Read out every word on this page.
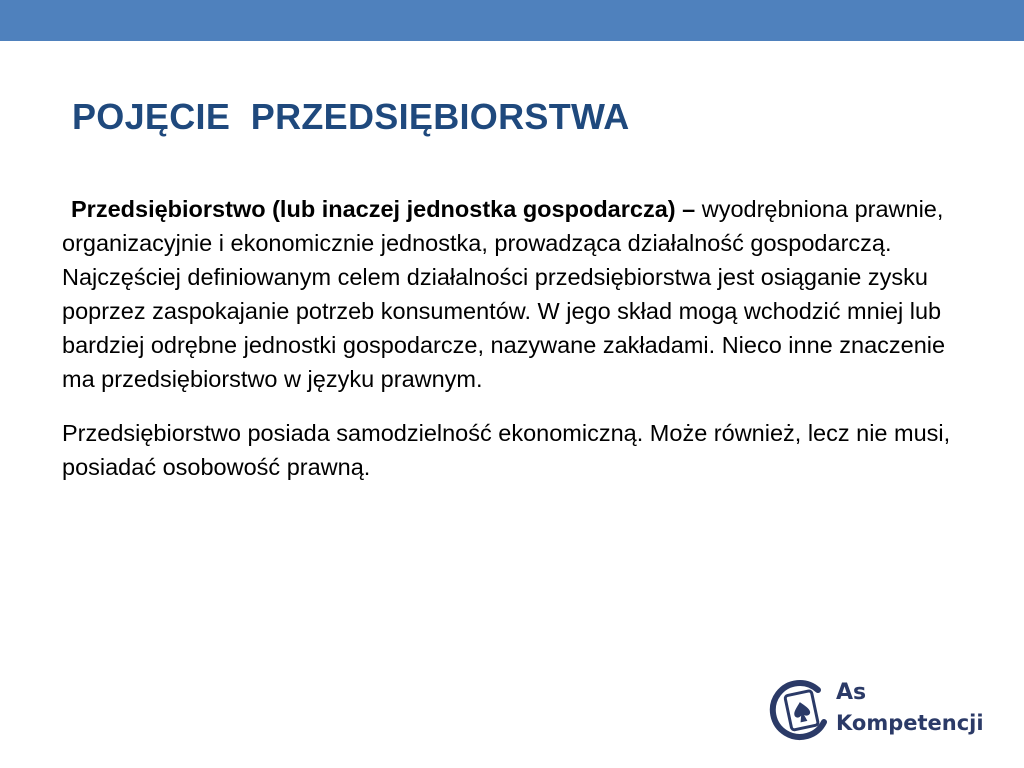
POJĘCIE  PRZEDSIĘBIORSTWA

Przedsiębiorstwo (lub inaczej jednostka gospodarcza) – wyodrębniona prawnie, organizacyjnie i ekonomicznie jednostka, prowadząca działalność gospodarczą. Najczęściej definiowanym celem działalności przedsiębiorstwa jest osiąganie zysku poprzez zaspokajanie potrzeb konsumentów. W jego skład mogą wchodzić mniej lub bardziej odrębne jednostki gospodarcze, nazywane zakładami. Nieco inne znaczenie ma przedsiębiorstwo w języku prawnym.

Przedsiębiorstwo posiada samodzielność ekonomiczną. Może również, lecz nie musi, posiadać osobowość prawną.

As
Kompetencji
